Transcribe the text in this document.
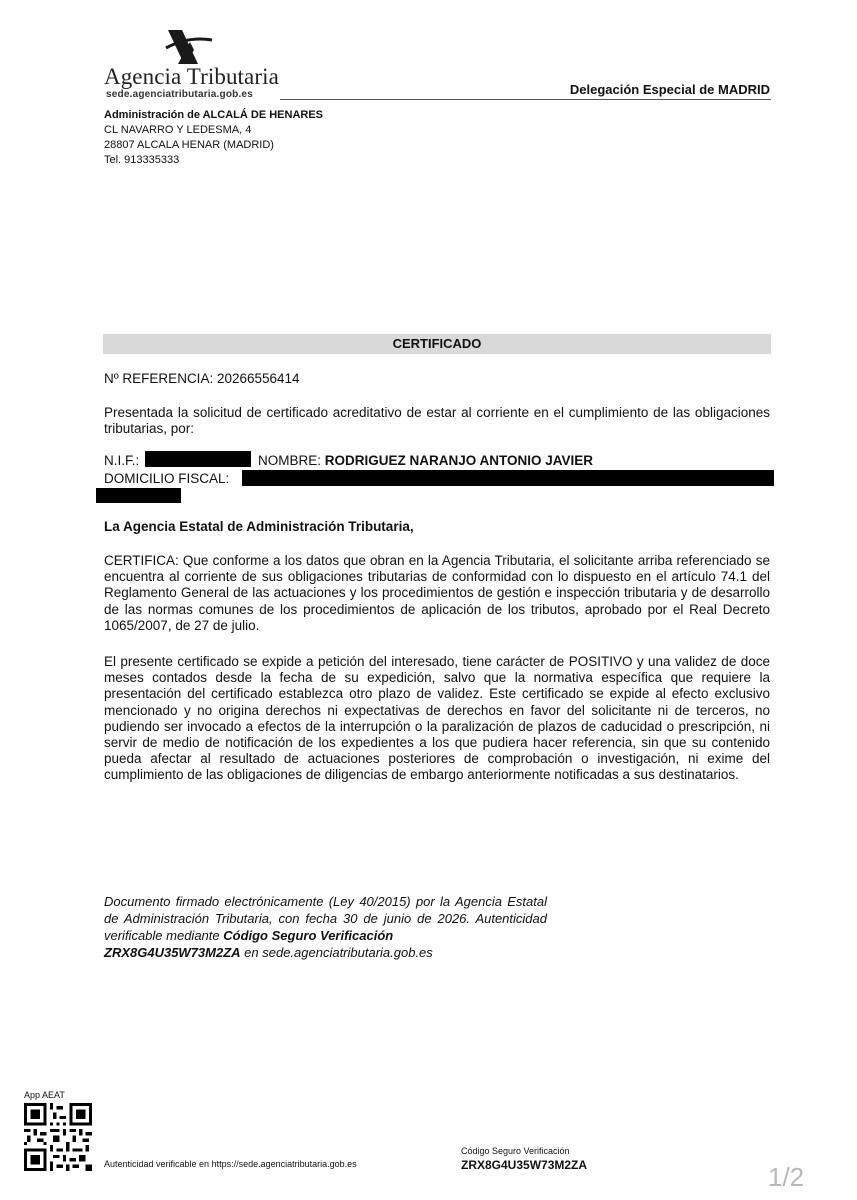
Agencia Tributaria
sede.agenciatributaria.gob.es	Delegación Especial de MADRID
Administración de ALCALÁ DE HENARES
CL NAVARRO Y LEDESMA, 4
28807 ALCALA HENAR (MADRID)
Tel. 913335333
CERTIFICADO
Nº REFERENCIA: 20266556414
Presentada la solicitud de certificado acreditativo de estar al corriente en el cumplimiento de las obligaciones tributarias, por:
N.I.F.:	NOMBRE: RODRIGUEZ NARANJO ANTONIO JAVIER
DOMICILIO FISCAL:
La Agencia Estatal de Administración Tributaria,
CERTIFICA: Que conforme a los datos que obran en la Agencia Tributaria, el solicitante arriba referenciado se encuentra al corriente de sus obligaciones tributarias de conformidad con lo dispuesto en el artículo 74.1 del Reglamento General de las actuaciones y los procedimientos de gestión e inspección tributaria y de desarrollo de las normas comunes de los procedimientos de aplicación de los tributos, aprobado por el Real Decreto 1065/2007, de 27 de julio.
El presente certificado se expide a petición del interesado, tiene carácter de POSITIVO y una validez de doce meses contados desde la fecha de su expedición, salvo que la normativa específica que requiere la presentación del certificado establezca otro plazo de validez. Este certificado se expide al efecto exclusivo mencionado y no origina derechos ni expectativas de derechos en favor del solicitante ni de terceros, no pudiendo ser invocado a efectos de la interrupción o la paralización de plazos de caducidad o prescripción, ni servir de medio de notificación de los expedientes a los que pudiera hacer referencia, sin que su contenido pueda afectar al resultado de actuaciones posteriores de comprobación o investigación, ni exime del cumplimiento de las obligaciones de diligencias de embargo anteriormente notificadas a sus destinatarios.
Documento firmado electrónicamente (Ley 40/2015) por la Agencia Estatal de Administración Tributaria, con fecha 30 de junio de 2026. Autenticidad verificable mediante Código Seguro Verificación
ZRX8G4U35W73M2ZA en sede.agenciatributaria.gob.es
App AEAT
Autenticidad verificable en https://sede.agenciatributaria.gob.es
Código Seguro Verificación
ZRX8G4U35W73M2ZA	1/2
